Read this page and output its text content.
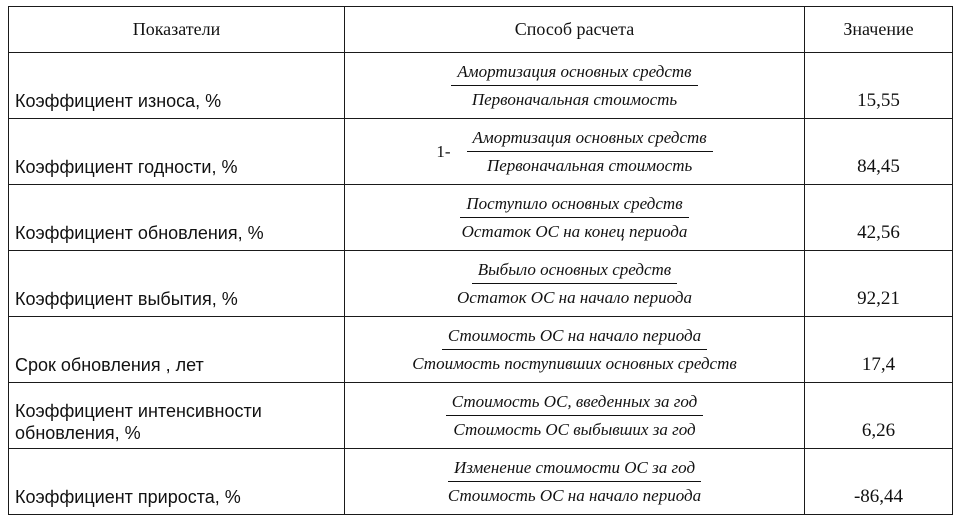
Показатели	Способ расчета	Значение

Коэффициент износа, %	$\frac{\text{Амортизация основных средств}}{\text{Первоначальная стоимость}}$	15,55

Коэффициент годности, %	$1- \frac{\text{Амортизация основных средств}}{\text{Первоначальная стоимость}}$	84,45

Коэффициент обновления, %	$\frac{\text{Поступило основных средств}}{\text{Остаток ОС на конец периода}}$	42,56

Коэффициент выбытия, %	$\frac{\text{Выбыло основных средств}}{\text{Остаток ОС на начало периода}}$	92,21

Срок обновления , лет	$\frac{\text{Стоимость ОС на начало периода}}{\text{Стоимость поступивших основных средств}}$	17,4

Коэффициент интенсивности обновления, %	$\frac{\text{Стоимость ОС, введенных за год}}{\text{Стоимость ОС выбывших за год}}$	6,26

Коэффициент прироста, %	$\frac{\text{Изменение стоимости ОС за год}}{\text{Стоимость ОС на начало периода}}$	-86,44
